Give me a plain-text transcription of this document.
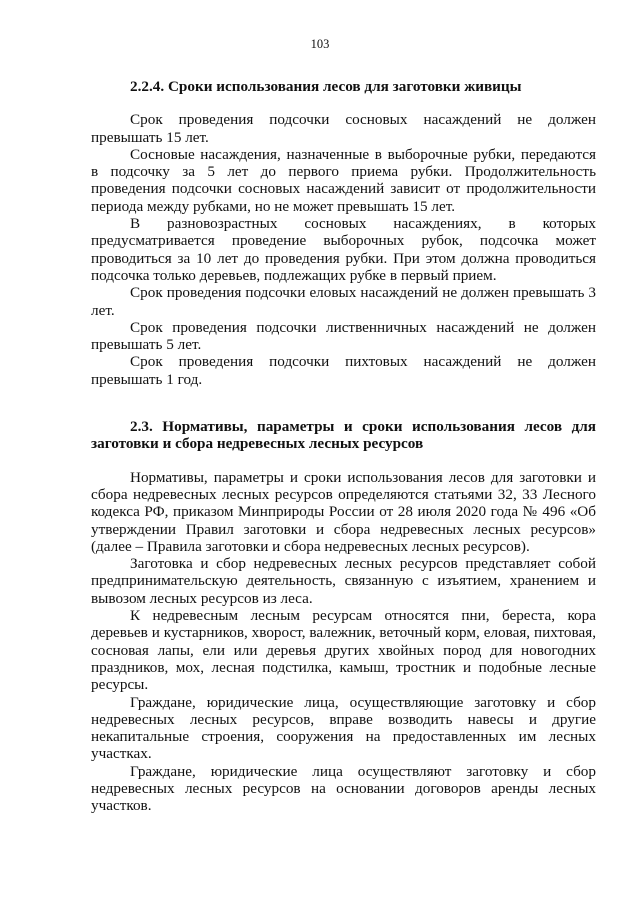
103

2.2.4. Сроки использования лесов для заготовки живицы

Срок проведения подсочки сосновых насаждений не должен превышать 15 лет.

Сосновые насаждения, назначенные в выборочные рубки, передаются в подсочку за 5 лет до первого приема рубки. Продолжительность проведения подсочки сосновых насаждений зависит от продолжительности периода между рубками, но не может превышать 15 лет.

В разновозрастных сосновых насаждениях, в которых предусматривается проведение выборочных рубок, подсочка может проводиться за 10 лет до проведения рубки. При этом должна проводиться подсочка только деревьев, подлежащих рубке в первый прием.

Срок проведения подсочки еловых насаждений не должен превышать 3 лет.

Срок проведения подсочки лиственничных насаждений не должен превышать 5 лет.

Срок проведения подсочки пихтовых насаждений не должен превышать 1 год.

2.3. Нормативы, параметры и сроки использования лесов для заготовки и сбора недревесных лесных ресурсов

Нормативы, параметры и сроки использования лесов для заготовки и сбора недревесных лесных ресурсов определяются статьями 32, 33 Лесного кодекса РФ, приказом Минприроды России от 28 июля 2020 года № 496 «Об утверждении Правил заготовки и сбора недревесных лесных ресурсов» (далее – Правила заготовки и сбора недревесных лесных ресурсов).

Заготовка и сбор недревесных лесных ресурсов представляет собой предпринимательскую деятельность, связанную с изъятием, хранением и вывозом лесных ресурсов из леса.

К недревесным лесным ресурсам относятся пни, береста, кора деревьев и кустарников, хворост, валежник, веточный корм, еловая, пихтовая, сосновая лапы, ели или деревья других хвойных пород для новогодних праздников, мох, лесная подстилка, камыш, тростник и подобные лесные ресурсы.

Граждане, юридические лица, осуществляющие заготовку и сбор недревесных лесных ресурсов, вправе возводить навесы и другие некапитальные строения, сооружения на предоставленных им лесных участках.

Граждане, юридические лица осуществляют заготовку и сбор недревесных лесных ресурсов на основании договоров аренды лесных участков.
